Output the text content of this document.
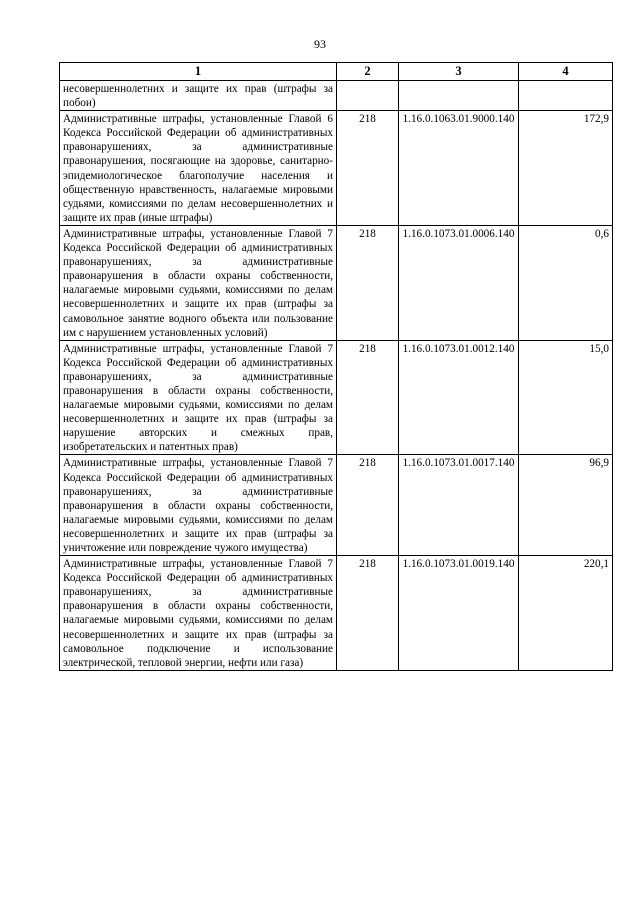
93
1	2	3	4
несовершеннолетних и защите их прав (штрафы за побои)			
Административные штрафы, установленные Главой 6 Кодекса Российской Федерации об административных правонарушениях, за административные правонарушения, посягающие на здоровье, санитарно-эпидемиологическое благополучие населения и общественную нравственность, налагаемые мировыми судьями, комиссиями по делам несовершеннолетних и защите их прав (иные штрафы)	218	1.16.0.1063.01.9000.140	172,9
Административные штрафы, установленные Главой 7 Кодекса Российской Федерации об административных правонарушениях, за административные правонарушения в области охраны собственности, налагаемые мировыми судьями, комиссиями по делам несовершеннолетних и защите их прав (штрафы за самовольное занятие водного объекта или пользование им с нарушением установленных условий)	218	1.16.0.1073.01.0006.140	0,6
Административные штрафы, установленные Главой 7 Кодекса Российской Федерации об административных правонарушениях, за административные правонарушения в области охраны собственности, налагаемые мировыми судьями, комиссиями по делам несовершеннолетних и защите их прав (штрафы за нарушение авторских и смежных прав, изобретательских и патентных прав)	218	1.16.0.1073.01.0012.140	15,0
Административные штрафы, установленные Главой 7 Кодекса Российской Федерации об административных правонарушениях, за административные правонарушения в области охраны собственности, налагаемые мировыми судьями, комиссиями по делам несовершеннолетних и защите их прав (штрафы за уничтожение или повреждение чужого имущества)	218	1.16.0.1073.01.0017.140	96,9
Административные штрафы, установленные Главой 7 Кодекса Российской Федерации об административных правонарушениях, за административные правонарушения в области охраны собственности, налагаемые мировыми судьями, комиссиями по делам несовершеннолетних и защите их прав (штрафы за самовольное подключение и использование электрической, тепловой энергии, нефти или газа)	218	1.16.0.1073.01.0019.140	220,1
